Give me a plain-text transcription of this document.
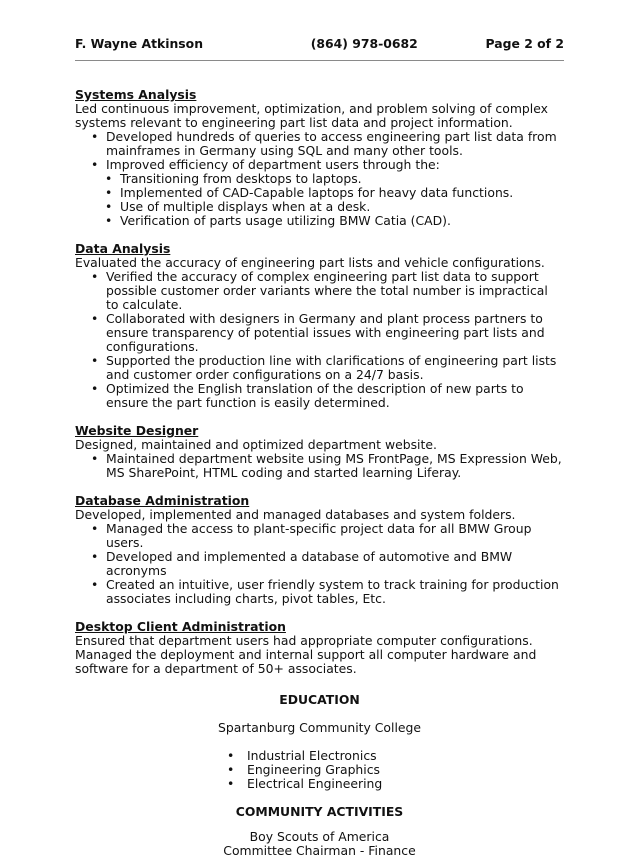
F. Wayne Atkinson	(864) 978-0682	Page 2 of 2
Systems Analysis
Led continuous improvement, optimization, and problem solving of complex systems relevant to engineering part list data and project information.
• Developed hundreds of queries to access engineering part list data from mainframes in Germany using SQL and many other tools.
• Improved efficiency of department users through the:
• Transitioning from desktops to laptops.
• Implemented of CAD-Capable laptops for heavy data functions.
• Use of multiple displays when at a desk.
• Verification of parts usage utilizing BMW Catia (CAD).
Data Analysis
Evaluated the accuracy of engineering part lists and vehicle configurations.
• Verified the accuracy of complex engineering part list data to support possible customer order variants where the total number is impractical to calculate.
• Collaborated with designers in Germany and plant process partners to ensure transparency of potential issues with engineering part lists and configurations.
• Supported the production line with clarifications of engineering part lists and customer order configurations on a 24/7 basis.
• Optimized the English translation of the description of new parts to ensure the part function is easily determined.
Website Designer
Designed, maintained and optimized department website.
• Maintained department website using MS FrontPage, MS Expression Web, MS SharePoint, HTML coding and started learning Liferay.
Database Administration
Developed, implemented and managed databases and system folders.
• Managed the access to plant-specific project data for all BMW Group users.
• Developed and implemented a database of automotive and BMW acronyms
• Created an intuitive, user friendly system to track training for production associates including charts, pivot tables, Etc.
Desktop Client Administration
Ensured that department users had appropriate computer configurations. Managed the deployment and internal support all computer hardware and software for a department of 50+ associates.
EDUCATION
Spartanburg Community College
• Industrial Electronics
• Engineering Graphics
• Electrical Engineering
COMMUNITY ACTIVITIES
Boy Scouts of America
Committee Chairman - Finance
